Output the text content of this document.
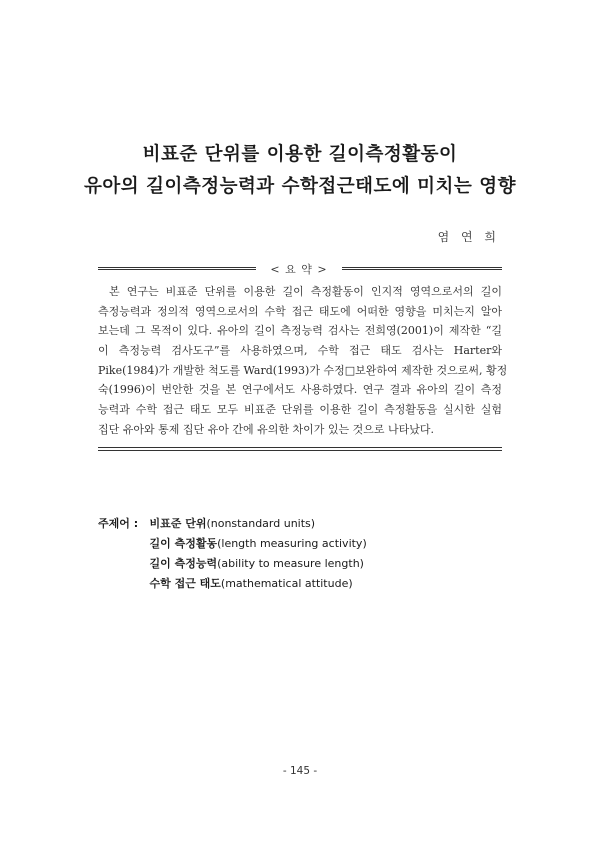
비표준 단위를 이용한 길이측정활동이
유아의 길이측정능력과 수학접근태도에 미치는 영향
염 연 희
< 요 약 >
본 연구는 비표준 단위를 이용한 길이 측정활동이 인지적 영역으로서의 길이
측정능력과 정의적 영역으로서의 수학 접근 태도에 어떠한 영향을 미치는지 알아
보는데 그 목적이 있다. 유아의 길이 측정능력 검사는 전희영(2001)이 제작한 “길
이 측정능력 검사도구”를 사용하였으며, 수학 접근 태도 검사는 Harter와
Pike(1984)가 개발한 척도를 Ward(1993)가 수정□보완하여 제작한 것으로써, 황정
숙(1996)이 번안한 것을 본 연구에서도 사용하였다. 연구 결과 유아의 길이 측정
능력과 수학 접근 태도 모두 비표준 단위를 이용한 길이 측정활동을 실시한 실험
집단 유아와 통제 집단 유아 간에 유의한 차이가 있는 것으로 나타났다.
주제어 : 비표준 단위(nonstandard units)
길이 측정활동(length measuring activity)
길이 측정능력(ability to measure length)
수학 접근 태도(mathematical attitude)
- 145 -
